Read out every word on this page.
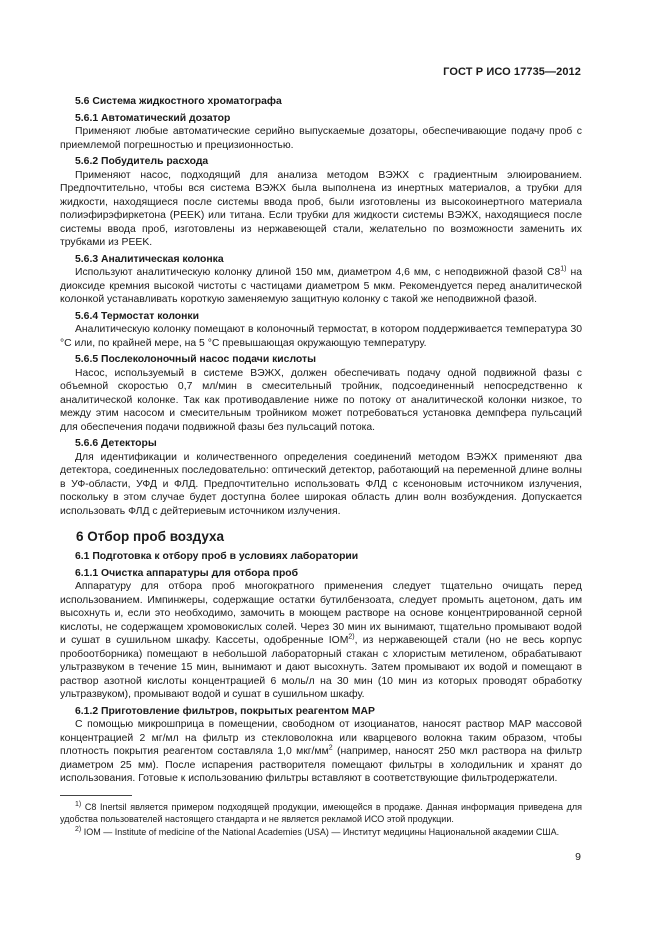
ГОСТ Р ИСО 17735—2012
5.6 Система жидкостного хроматографа
5.6.1 Автоматический дозатор

Применяют любые автоматические серийно выпускаемые дозаторы, обеспечивающие подачу проб с приемлемой погрешностью и прецизионностью.

5.6.2 Побудитель расхода

Применяют насос, подходящий для анализа методом ВЭЖХ с градиентным элюированием. Предпочтительно, чтобы вся система ВЭЖХ была выполнена из инертных материалов, а трубки для жидкости, находящиеся после системы ввода проб, были изготовлены из высокоинертного материала полиэфирэфиркетона (PEEK) или титана. Если трубки для жидкости системы ВЭЖХ, находящиеся после системы ввода проб, изготовлены из нержавеющей стали, желательно по возможности заменить их трубками из PEEK.

5.6.3 Аналитическая колонка

Используют аналитическую колонку длиной 150 мм, диаметром 4,6 мм, с неподвижной фазой C8$^{1)}$ на диоксиде кремния высокой чистоты с частицами диаметром 5 мкм. Рекомендуется перед аналитической колонкой устанавливать короткую заменяемую защитную колонку с такой же неподвижной фазой.

5.6.4 Термостат колонки

Аналитическую колонку помещают в колоночный термостат, в котором поддерживается температура 30 °C или, по крайней мере, на 5 °C превышающая окружающую температуру.

5.6.5 Послеколоночный насос подачи кислоты

Насос, используемый в системе ВЭЖХ, должен обеспечивать подачу одной подвижной фазы с объемной скоростью 0,7 мл/мин в смесительный тройник, подсоединенный непосредственно к аналитической колонке. Так как противодавление ниже по потоку от аналитической колонки низкое, то между этим насосом и смесительным тройником может потребоваться установка демпфера пульсаций для обеспечения подачи подвижной фазы без пульсаций потока.

5.6.6 Детекторы

Для идентификации и количественного определения соединений методом ВЭЖХ применяют два детектора, соединенных последовательно: оптический детектор, работающий на переменной длине волны в УФ-области, УФД и ФЛД. Предпочтительно использовать ФЛД с ксеноновым источником излучения, поскольку в этом случае будет доступна более широкая область длин волн возбуждения. Допускается использовать ФЛД с дейтериевым источником излучения.

6 Отбор проб воздуха
6.1 Подготовка к отбору проб в условиях лаборатории
6.1.1 Очистка аппаратуры для отбора проб

Аппаратуру для отбора проб многократного применения следует тщательно очищать перед использованием. Импинжеры, содержащие остатки бутилбензоата, следует промыть ацетоном, дать им высохнуть и, если это необходимо, замочить в моющем растворе на основе концентрированной серной кислоты, не содержащем хромовокислых солей. Через 30 мин их вынимают, тщательно промывают водой и сушат в сушильном шкафу. Кассеты, одобренные IOM$^{2)}$, из нержавеющей стали (но не весь корпус пробоотборника) помещают в небольшой лабораторный стакан с хлористым метиленом, обрабатывают ультразвуком в течение 15 мин, вынимают и дают высохнуть. Затем промывают их водой и помещают в раствор азотной кислоты концентрацией 6 моль/л на 30 мин (10 мин из которых проводят обработку ультразвуком), промывают водой и сушат в сушильном шкафу.

6.1.2 Приготовление фильтров, покрытых реагентом MAP

С помощью микрошприца в помещении, свободном от изоцианатов, наносят раствор MAP массовой концентрацией 2 мг/мл на фильтр из стекловолокна или кварцевого волокна таким образом, чтобы плотность покрытия реагентом составляла 1,0 мкг/$мм^2$ (например, наносят 250 мкл раствора на фильтр диаметром 25 мм). После испарения растворителя помещают фильтры в холодильник и хранят до использования. Готовые к использованию фильтры вставляют в соответствующие фильтродержатели.

$^{1)}$ C8 Inertsil является примером подходящей продукции, имеющейся в продаже. Данная информация приведена для удобства пользователей настоящего стандарта и не является рекламой ИСО этой продукции.

$^{2)}$ IOM — Institute of medicine of the National Academies (USA) — Институт медицины Национальной академии США.

9
